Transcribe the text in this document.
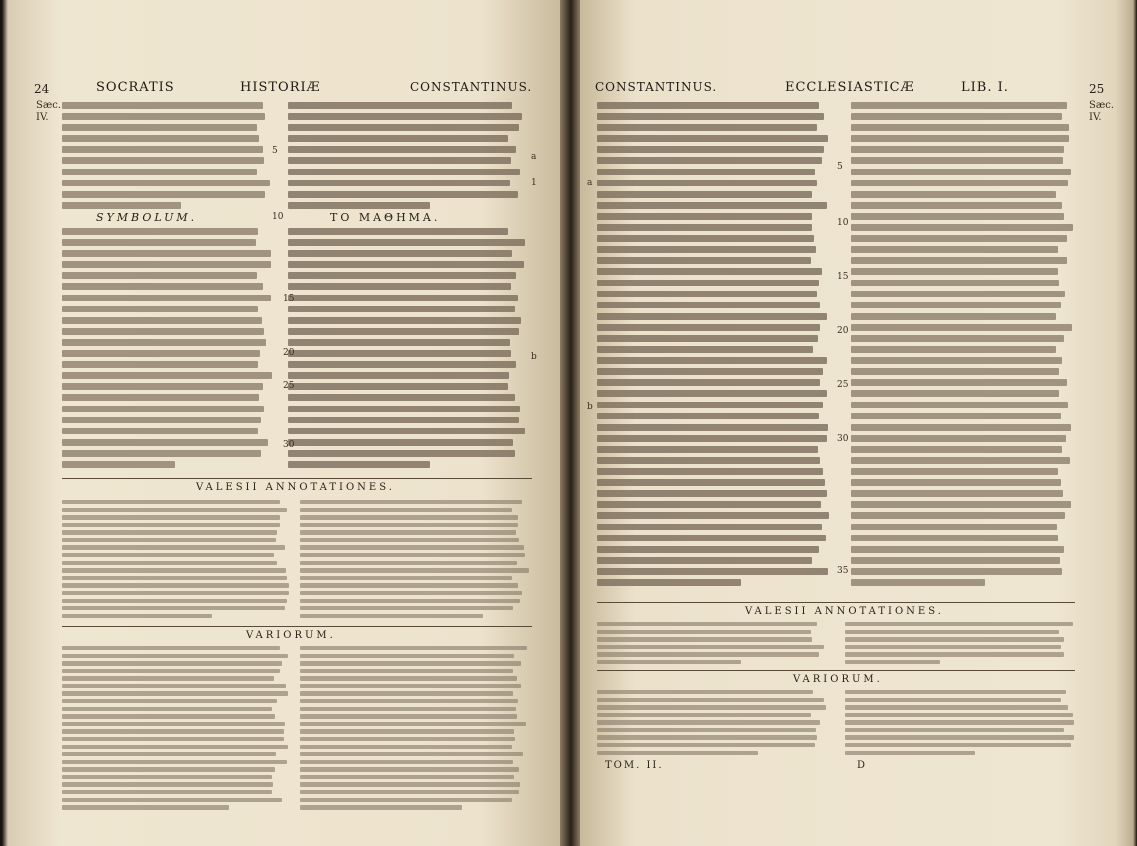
24	SOCRATIS	HISTORIÆ	CONSTANTINUS.
Sæc.
IV.
SYMBOLUM.	ΤΟ ΜΑΘΗΜΑ.
5
10
15
20
25
30
a
b
1
VALESII ANNOTATIONES.
VARIORUM.
CONSTANTINUS.	ECCLESIASTICÆ	LIB. I.	25
Sæc.
IV.
5
10
15
20
25
30
35
a
b
VALESII ANNOTATIONES.
VARIORUM.
TOM. II.	D
